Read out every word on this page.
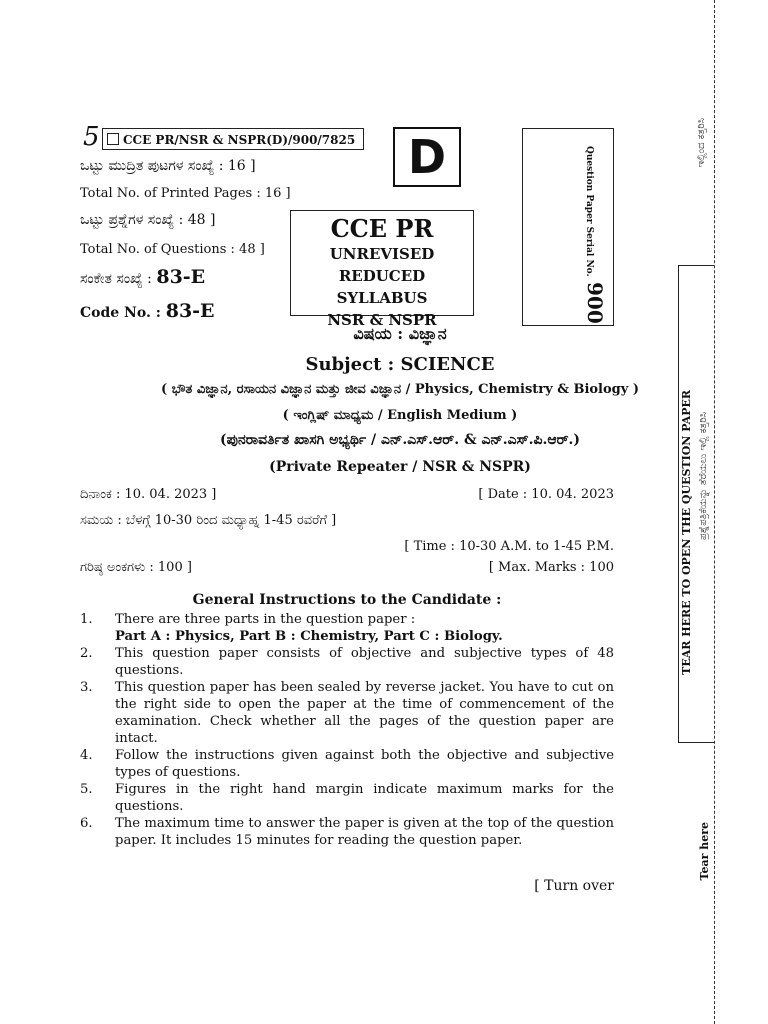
5	CCE PR/NSR & NSPR(D)/900/7825	D	Question Paper Serial No.
900
ಒಟ್ಟು ಮುದ್ರಿತ ಪುಟಗಳ ಸಂಖ್ಯೆ : 16 ]
Total No. of Printed Pages : 16 ]
ಒಟ್ಟು ಪ್ರಶ್ನೆಗಳ ಸಂಖ್ಯೆ : 48 ]
Total No. of Questions : 48 ]
ಸಂಕೇತ ಸಂಖ್ಯೆ : 83-E
Code No. : 83-E
CCE PR
UNREVISED
REDUCED SYLLABUS
NSR & NSPR
ವಿಷಯ : ವಿಜ್ಞಾನ
Subject : SCIENCE
( ಭೌತ ವಿಜ್ಞಾನ, ರಸಾಯನ ವಿಜ್ಞಾನ ಮತ್ತು ಜೀವ ವಿಜ್ಞಾನ / Physics, Chemistry & Biology )
( ಇಂಗ್ಲಿಷ್ ಮಾಧ್ಯಮ / English Medium )
(ಪುನರಾವರ್ತಿತ ಖಾಸಗಿ ಅಭ್ಯರ್ಥಿ / ಎನ್.ಎಸ್.ಆರ್. & ಎನ್.ಎಸ್.ಪಿ.ಆರ್.)
(Private Repeater / NSR & NSPR)
ದಿನಾಂಕ : 10. 04. 2023 ]	[ Date : 10. 04. 2023
ಸಮಯ : ಬೆಳಗ್ಗೆ 10-30 ರಿಂದ ಮಧ್ಯಾಹ್ನ 1-45 ರವರೆಗೆ ]
[ Time : 10-30 A.M. to 1-45 P.M.
ಗರಿಷ್ಠ ಅಂಕಗಳು : 100 ]	[ Max. Marks : 100
General Instructions to the Candidate :
1.	There are three parts in the question paper :
Part A : Physics, Part B : Chemistry, Part C : Biology.
2.	This question paper consists of objective and subjective types of 48 questions.
3.	This question paper has been sealed by reverse jacket. You have to cut on the right side to open the paper at the time of commencement of the examination. Check whether all the pages of the question paper are intact.
4.	Follow the instructions given against both the objective and subjective types of questions.
5.	Figures in the right hand margin indicate maximum marks for the questions.
6.	The maximum time to answer the paper is given at the top of the question paper. It includes 15 minutes for reading the question paper.
[ Turn over
ಇಲ್ಲಿಂದ ಕತ್ತರಿಸಿ
TEAR HERE TO OPEN THE QUESTION PAPER ಪ್ರಶ್ನೆಪತ್ರಿಕೆಯನ್ನು ತೆರೆಯಲು ಇಲ್ಲಿ ಕತ್ತರಿಸಿ
Tear here
